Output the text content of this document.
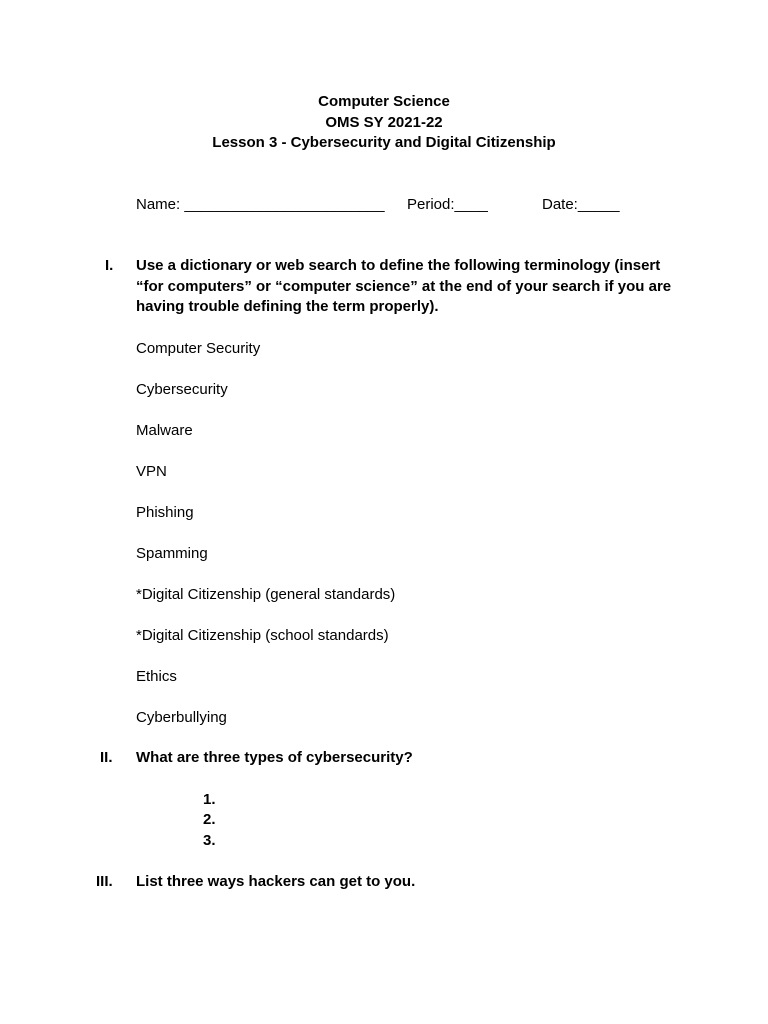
Computer Science
OMS SY 2021-22
Lesson 3 - Cybersecurity and Digital Citizenship
Name: ________________________ Period:____	Date:_____
I. Use a dictionary or web search to define the following terminology (insert
“for computers” or “computer science” at the end of your search if you are
having trouble defining the term properly).
Computer Security
Cybersecurity
Malware
VPN
Phishing
Spamming
*Digital Citizenship (general standards)
*Digital Citizenship (school standards)
Ethics
Cyberbullying
II. What are three types of cybersecurity?
1.
2.
3.
III. List three ways hackers can get to you.
